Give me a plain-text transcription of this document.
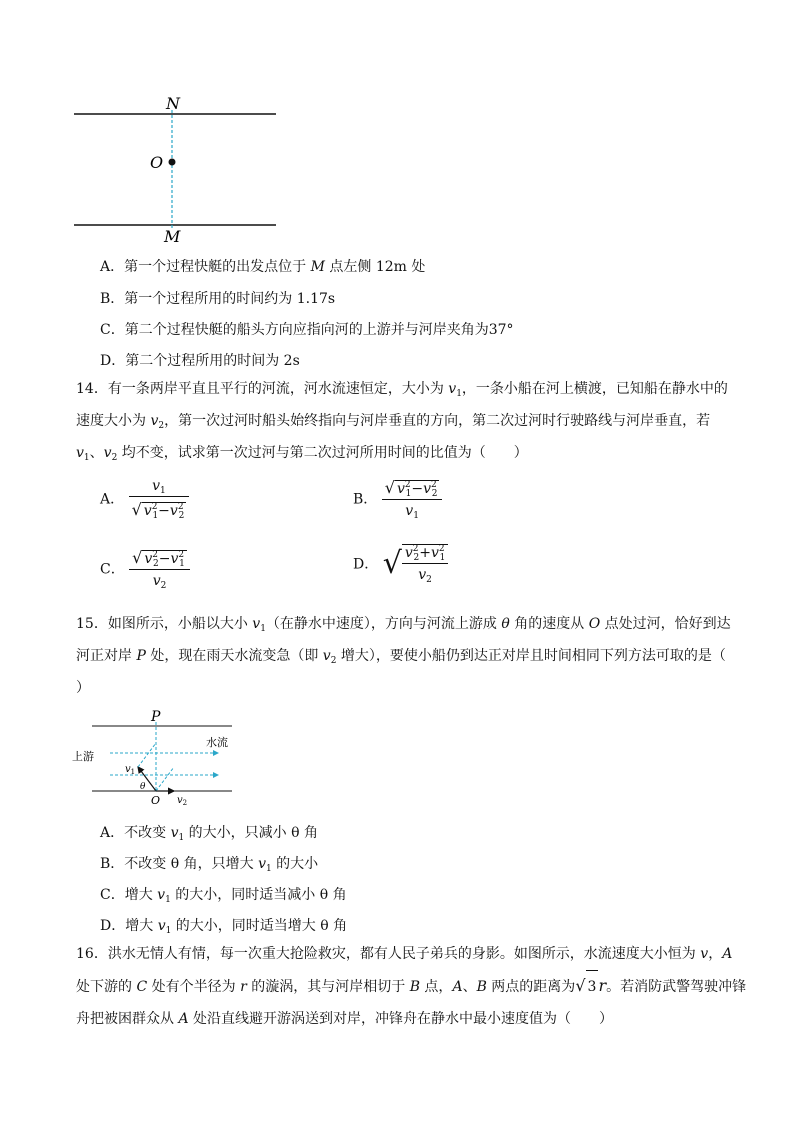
N
O
M
A．第一个过程快艇的出发点位于 M 点左侧 12m 处
B．第一个过程所用的时间约为 1.17s
C．第二个过程快艇的船头方向应指向河的上游并与河岸夹角为37°
D．第二个过程所用的时间为 2s
14．有一条两岸平直且平行的河流，河水流速恒定，大小为 $v_1$，一条小船在河上横渡，已知船在静水中的
速度大小为 $v_2$，第一次过河时船头始终指向与河岸垂直的方向，第二次过河时行驶路线与河岸垂直，若
$v_1$、$v_2$ 均不变，试求第一次过河与第二次过河所用时间的比值为（　　）
A． $\frac{v_1}{√ v^2_1-v^2_2}$	B． $\frac{√ v^2_1-v^2_2}{v_1}$
C． $\frac{√ v^2_2-v^2_1}{v_2}$	D． √ $\frac{v^2_2+v^2_1}{v_2}$
15．如图所示，小船以大小 $v_1$（在静水中速度），方向与河流上游成 θ 角的速度从 O 点处过河，恰好到达
河正对岸 P 处，现在雨天水流变急（即 $v_2$ 增大），要使小船仍到达正对岸且时间相同下列方法可取的是（
）
P
水流
上游
$v_1$
θ
O $v_2$
A．不改变 $v_1$ 的大小，只减小 θ 角
B．不改变 θ 角，只增大 $v_1$ 的大小
C．增大 $v_1$ 的大小，同时适当减小 θ 角
D．增大 $v_1$ 的大小，同时适当增大 θ 角
16．洪水无情人有情，每一次重大抢险救灾，都有人民子弟兵的身影。如图所示，水流速度大小恒为 v，A
处下游的 C 处有个半径为 r 的漩涡，其与河岸相切于 B 点，A、B 两点的距离为√ 3 r。若消防武警驾驶冲锋
舟把被困群众从 A 处沿直线避开游涡送到对岸，冲锋舟在静水中最小速度值为（　　）
